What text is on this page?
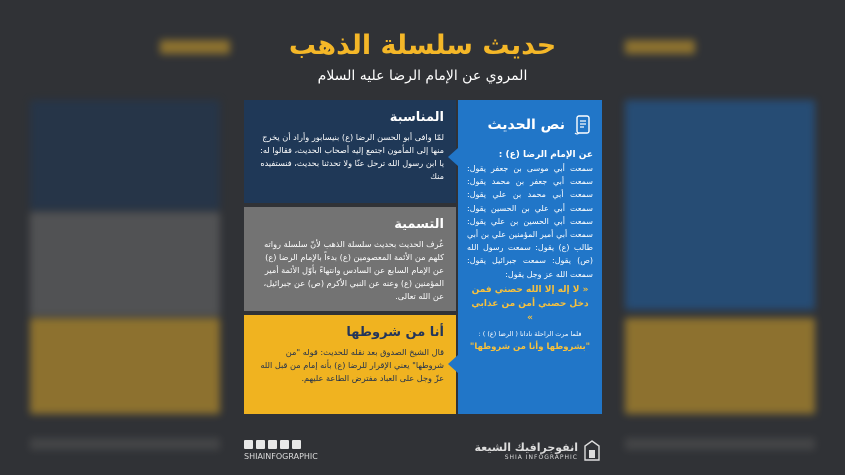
حديث سلسلة الذهب
المروي عن الإمام الرضا عليه السلام
المناسبة

لمّا وافى أبو الحسن الرضا (ع) بنيسابور وأراد أن يخرج منها إلى المأمون اجتمع إليه أصحاب الحديث، فقالوا له: يا ابن رسول الله ترحل عنّا ولا تحدثنا بحديث، فنستفيده منك

التسمية

عُرف الحديث بحديث سلسلة الذهب لأنّ سلسلة رواته كلهم من الأئمة المعصومين (ع) بدءاً بالإمام الرضا (ع) عن الإمام السابع عن السادس وانتهاءً بأوّل الأئمة أمير المؤمنين (ع) وعنه عن النبي الأكرم (ص) عن جبرائيل، عن الله تعالى.

أنا من شروطها

قال الشيخ الصدوق بعد نقله للحديث: قوله "من شروطها" يعني الإقرار للرضا (ع) بأنه إمام من قبل الله عزّ وجل على العباد مفترض الطاعة عليهم.

نص الحديث
عن الإمام الرضا (ع) :
سمعت أبي موسى بن جعفر يقول: سمعت أبي جعفر بن محمد يقول: سمعت أبي محمد بن علي يقول: سمعت أبي علي بن الحسين يقول: سمعت أبي الحسين بن علي يقول: سمعت أبي أمير المؤمنين علي بن أبي طالب (ع) يقول: سمعت رسول الله (ص) يقول: سمعت جبرائيل يقول: سمعت الله عز وجل يقول:
« لا إله إلا الله حصني فمن دخل حصني أمن من عذابي »
فلما مرت الراحلة نادانا ( الرضا (ع) ) :
"بشروطها وأنا من شروطها"
SHIAINFOGRAPHIC
انفوجرافيك الشيعة
SHIA INFOGRAPHIC
